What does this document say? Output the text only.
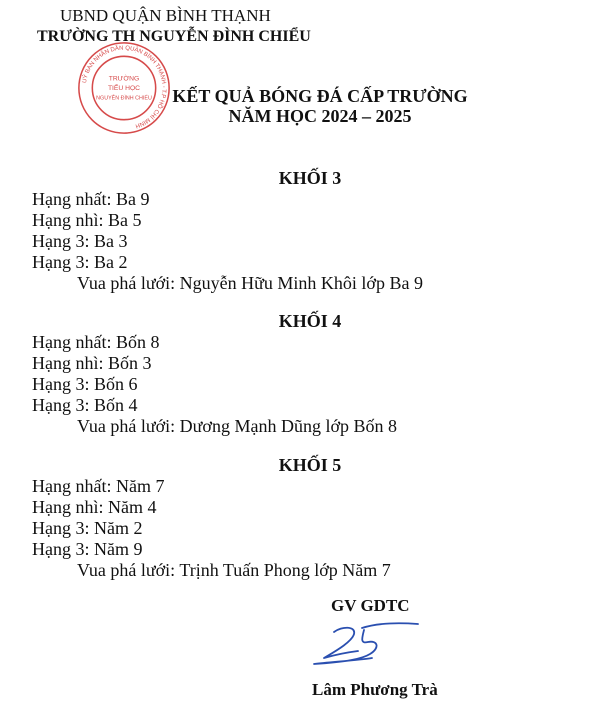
UBND QUẬN BÌNH THẠNH
TRƯỜNG TH NGUYỄN ĐÌNH CHIỂU
UỶ BAN NHÂN DÂN QUẬN BÌNH THẠNH - T.P HỒ CHÍ MINH
TRƯỜNG
TIỂU HỌC
NGUYỄN ĐÌNH CHIỂU	KẾT QUẢ BÓNG ĐÁ CẤP TRƯỜNG
NĂM HỌC 2024 – 2025
KHỐI 3
Hạng nhất: Ba 9
Hạng nhì: Ba 5
Hạng 3: Ba 3
Hạng 3: Ba 2
Vua phá lưới: Nguyễn Hữu Minh Khôi lớp Ba 9
KHỐI 4
Hạng nhất: Bốn 8
Hạng nhì: Bốn 3
Hạng 3: Bốn 6
Hạng 3: Bốn 4
Vua phá lưới: Dương Mạnh Dũng lớp Bốn 8
KHỐI 5
Hạng nhất: Năm 7
Hạng nhì: Năm 4
Hạng 3: Năm 2
Hạng 3: Năm 9
Vua phá lưới: Trịnh Tuấn Phong lớp Năm 7
GV GDTC
Lâm Phương Trà
